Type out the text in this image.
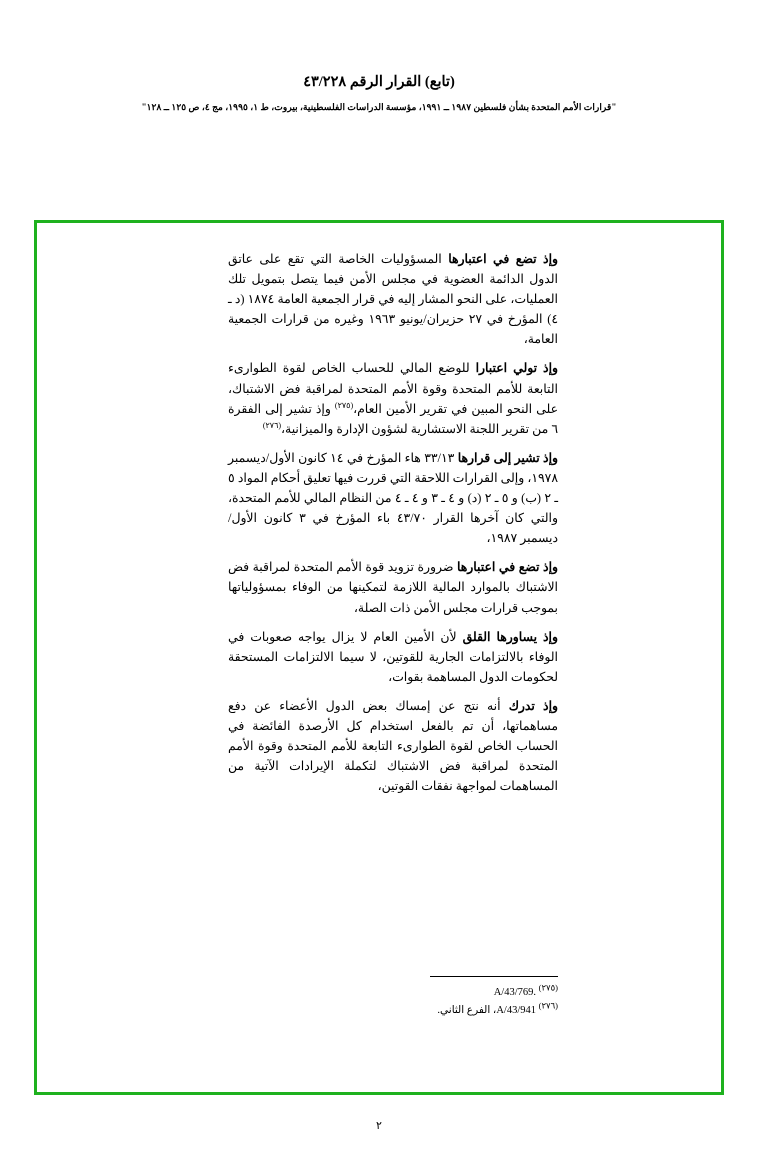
(تابع) القرار الرقم ٤٣/٢٢٨
"قرارات الأمم المتحدة بشأن فلسطين ١٩٨٧ ــ ١٩٩١، مؤسسة الدراسات الفلسطينية، بيروت، ط ١، ١٩٩٥، مج ٤، ص ١٢٥ ــ ١٢٨"

وإذ تضع في اعتبارها المسؤوليات الخاصة التي تقع على عاتق الدول الدائمة العضوية في مجلس الأمن فيما يتصل بتمويل تلك العمليات، على النحو المشار إليه في قرار الجمعية العامة ١٨٧٤ (د ـ ٤) المؤرخ في ٢٧ حزيران/يونيو ١٩٦٣ وغيره من قرارات الجمعية العامة،

وإذ تولي اعتبارا للوضع المالي للحساب الخاص لقوة الطوارىء التابعة للأمم المتحدة وقوة الأمم المتحدة لمراقبة فض الاشتباك، على النحو المبين في تقرير الأمين العام،$^{(٢٧٥)}$ وإذ تشير إلى الفقرة ٦ من تقرير اللجنة الاستشارية لشؤون الإدارة والميزانية،$^{(٢٧٦)}$

وإذ تشير إلى قرارها ٣٣/١٣ هاء المؤرخ في ١٤ كانون الأول/ديسمبر ١٩٧٨، وإلى القرارات اللاحقة التي قررت فيها تعليق أحكام المواد ٥ ـ ٢ (ب) و ٥ ـ ٢ (د) و ٤ ـ ٣ و ٤ ـ ٤ من النظام المالي للأمم المتحدة، والتي كان آخرها القرار ٤٣/٧٠ باء المؤرخ في ٣ كانون الأول/ديسمبر ١٩٨٧،

وإذ تضع في اعتبارها ضرورة تزويد قوة الأمم المتحدة لمراقبة فض الاشتباك بالموارد المالية اللازمة لتمكينها من الوفاء بمسؤولياتها بموجب قرارات مجلس الأمن ذات الصلة،

وإذ يساورها القلق لأن الأمين العام لا يزال يواجه صعوبات في الوفاء بالالتزامات الجارية للقوتين، لا سيما الالتزامات المستحقة لحكومات الدول المساهمة بقوات،

وإذ تدرك أنه نتج عن إمساك بعض الدول الأعضاء عن دفع مساهماتها، أن تم بالفعل استخدام كل الأرصدة الفائضة في الحساب الخاص لقوة الطوارىء التابعة للأمم المتحدة وقوة الأمم المتحدة لمراقبة فض الاشتباك لتكملة الإيرادات الآتية من المساهمات لمواجهة نفقات القوتين،

$^{(٢٧٥)}$ A/43/769.
$^{(٢٧٦)}$ A/43/941، الفرع الثاني.
٢
